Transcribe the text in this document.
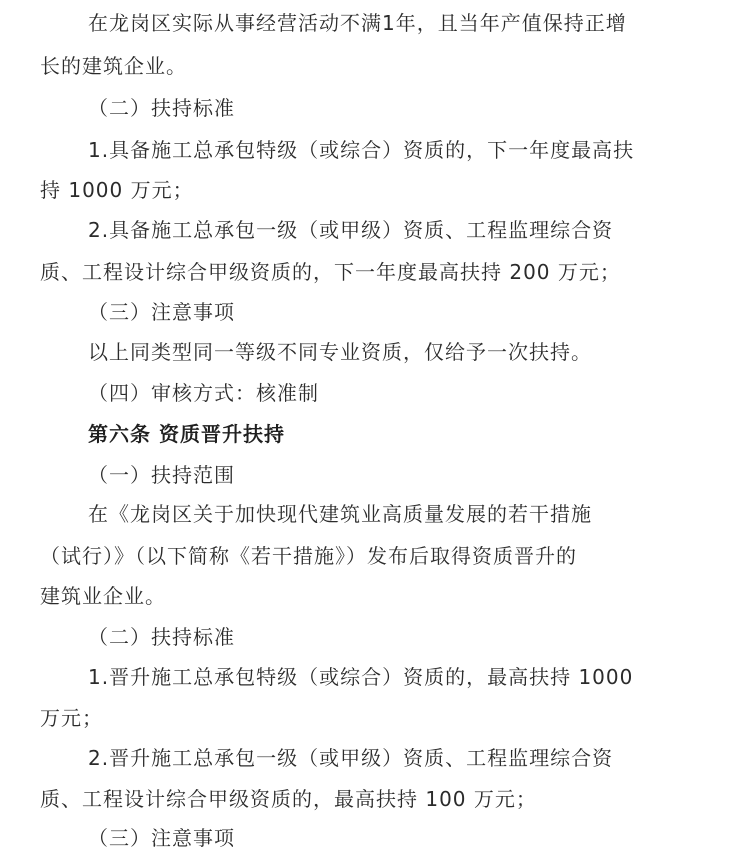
在龙岗区实际从事经营活动不满1年，且当年产值保持正增
长的建筑企业。
（二）扶持标准
1.具备施工总承包特级（或综合）资质的，下一年度最高扶
持 1000 万元；
2.具备施工总承包一级（或甲级）资质、工程监理综合资
质、工程设计综合甲级资质的，下一年度最高扶持 200 万元；
（三）注意事项
以上同类型同一等级不同专业资质，仅给予一次扶持。
（四）审核方式：核准制
第六条 资质晋升扶持
（一）扶持范围
在《龙岗区关于加快现代建筑业高质量发展的若干措施
（试行）》（以下简称《若干措施》）发布后取得资质晋升的
建筑业企业。
（二）扶持标准
1.晋升施工总承包特级（或综合）资质的，最高扶持 1000
万元；
2.晋升施工总承包一级（或甲级）资质、工程监理综合资
质、工程设计综合甲级资质的，最高扶持 100 万元；
（三）注意事项
